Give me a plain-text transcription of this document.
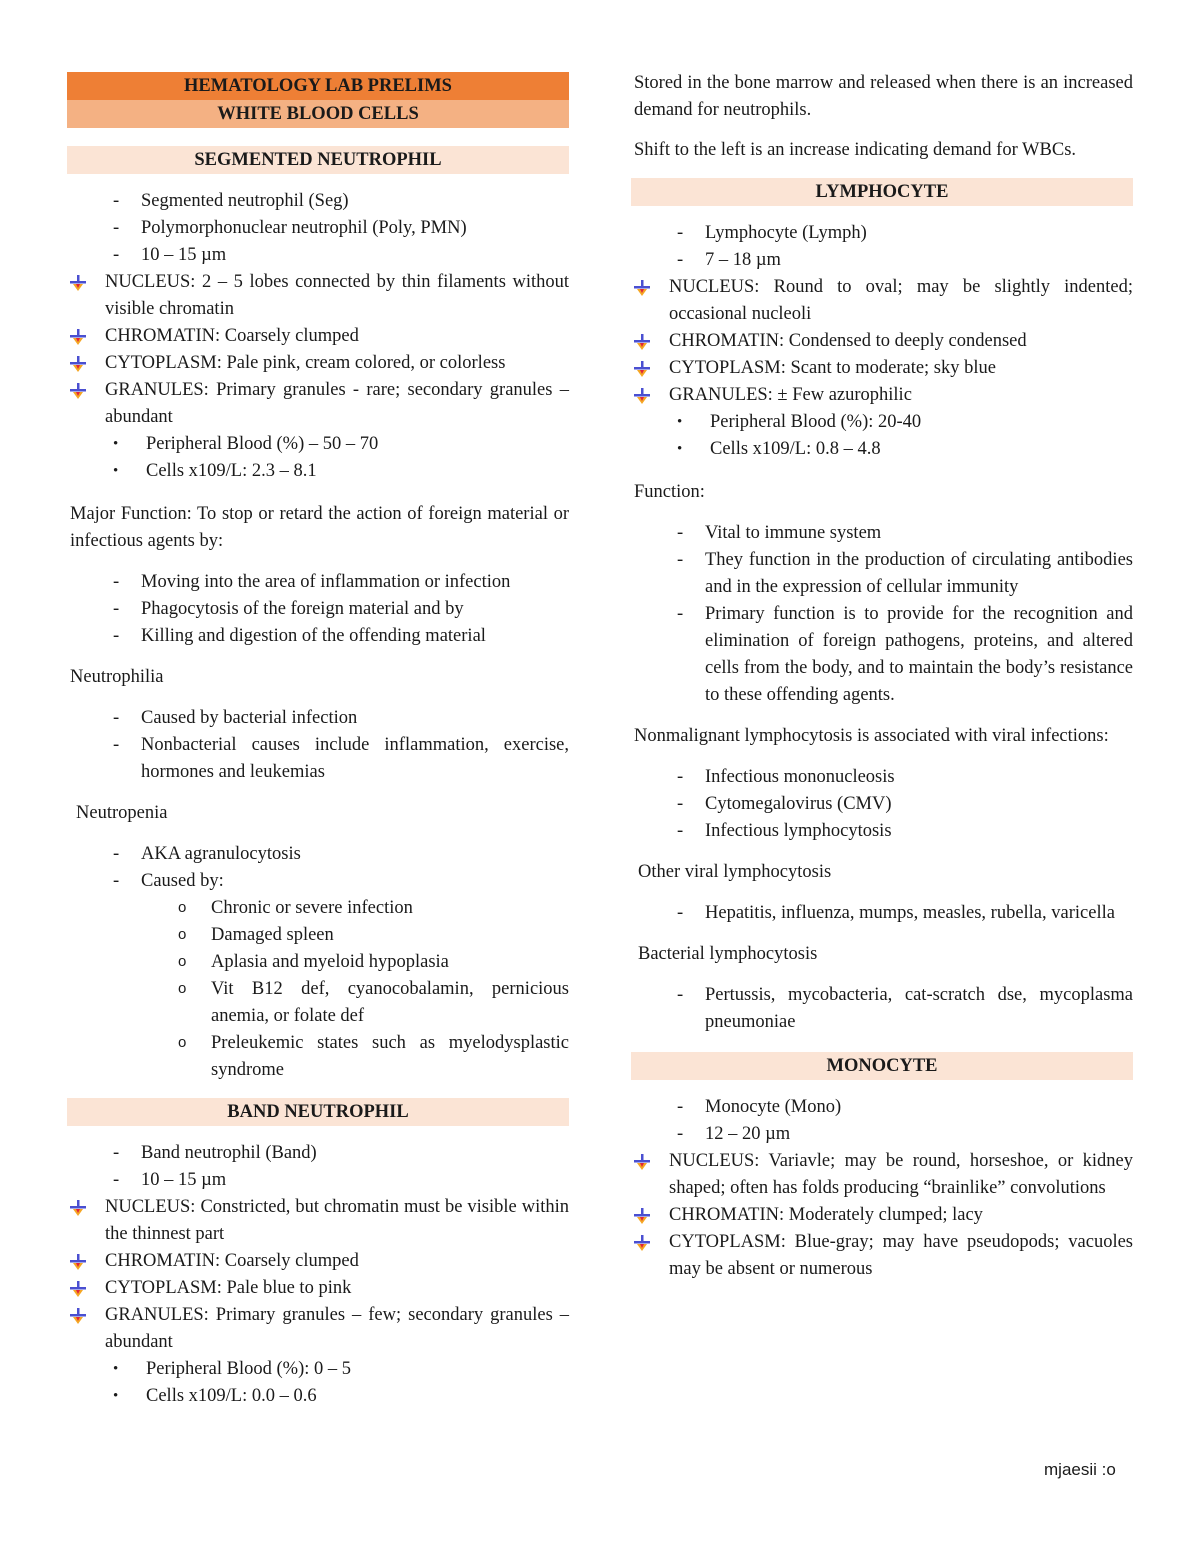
HEMATOLOGY LAB PRELIMS
WHITE BLOOD CELLS
SEGMENTED NEUTROPHIL

- Segmented neutrophil (Seg)

- Polymorphonuclear neutrophil (Poly, PMN)

- 10 – 15 µm

NUCLEUS: 2 – 5 lobes connected by thin filaments without visible chromatin

CHROMATIN: Coarsely clumped

CYTOPLASM: Pale pink, cream colored, or colorless

GRANULES: Primary granules - rare; secondary granules – abundant

• Peripheral Blood (%) – 50 – 70

• Cells x109/L: 2.3 – 8.1

Major Function: To stop or retard the action of foreign material or infectious agents by:

- Moving into the area of inflammation or infection

- Phagocytosis of the foreign material and by

- Killing and digestion of the offending material

Neutrophilia

- Caused by bacterial infection

- Nonbacterial causes include inflammation, exercise, hormones and leukemias

Neutropenia

- AKA agranulocytosis

- Caused by:

o Chronic or severe infection

o Damaged spleen

o Aplasia and myeloid hypoplasia

o Vit B12 def, cyanocobalamin, pernicious anemia, or folate def

o Preleukemic states such as myelodysplastic syndrome

BAND NEUTROPHIL

- Band neutrophil (Band)

- 10 – 15 µm

NUCLEUS: Constricted, but chromatin must be visible within the thinnest part

CHROMATIN: Coarsely clumped

CYTOPLASM: Pale blue to pink

GRANULES: Primary granules – few; secondary granules – abundant

• Peripheral Blood (%): 0 – 5

• Cells x109/L: 0.0 – 0.6

Stored in the bone marrow and released when there is an increased demand for neutrophils.

Shift to the left is an increase indicating demand for WBCs.

LYMPHOCYTE

- Lymphocyte (Lymph)

- 7 – 18 µm

NUCLEUS: Round to oval; may be slightly indented; occasional nucleoli

CHROMATIN: Condensed to deeply condensed

CYTOPLASM: Scant to moderate; sky blue

GRANULES: ± Few azurophilic

• Peripheral Blood (%): 20-40

• Cells x109/L: 0.8 – 4.8

Function:

- Vital to immune system

- They function in the production of circulating antibodies and in the expression of cellular immunity

- Primary function is to provide for the recognition and elimination of foreign pathogens, proteins, and altered cells from the body, and to maintain the body’s resistance to these offending agents.

Nonmalignant lymphocytosis is associated with viral infections:

- Infectious mononucleosis

- Cytomegalovirus (CMV)

- Infectious lymphocytosis

Other viral lymphocytosis

- Hepatitis, influenza, mumps, measles, rubella, varicella

Bacterial lymphocytosis

- Pertussis, mycobacteria, cat-scratch dse, mycoplasma pneumoniae

MONOCYTE

- Monocyte (Mono)

- 12 – 20 µm

NUCLEUS: Variavle; may be round, horseshoe, or kidney shaped; often has folds producing “brainlike” convolutions

CHROMATIN: Moderately clumped; lacy

CYTOPLASM: Blue-gray; may have pseudopods; vacuoles may be absent or numerous

mjaesii :o
